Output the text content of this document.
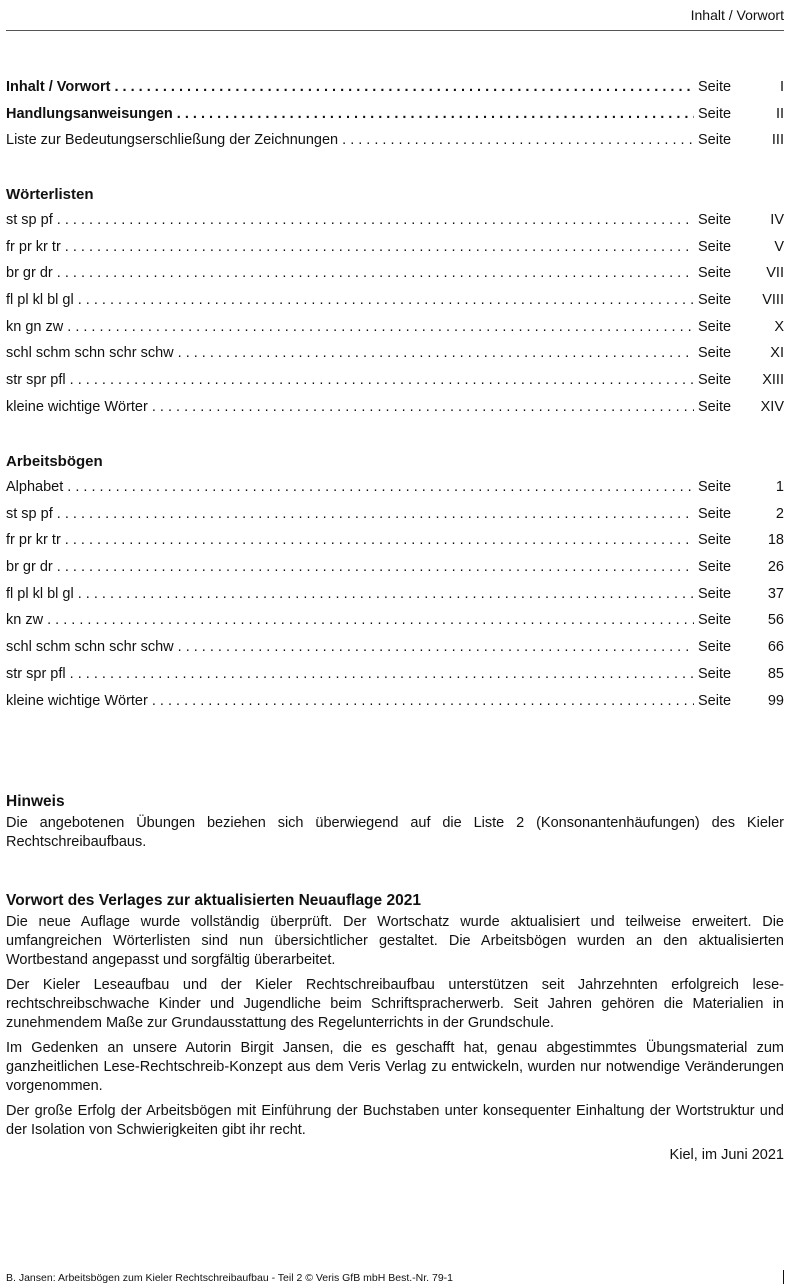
Inhalt / Vorwort
Inhalt / Vorwort . . .	Seite	I
Handlungsanweisungen . . .	Seite	II
Liste zur Bedeutungserschließung der Zeichnungen . . .	Seite	III
Wörterlisten
st sp pf . . .	Seite	IV
fr pr kr tr . . .	Seite	V
br gr dr . . .	Seite VII
fl pl kl bl gl . . .	Seite VIII
kn gn zw . . .	Seite	X
schl schm schn schr schw . . .	Seite	XI
str spr pfl . . .	Seite XIII
kleine wichtige Wörter . . .	Seite XIV
Arbeitsbögen
Alphabet . . .	Seite	1
st sp pf . . .	Seite	2
fr pr kr tr . . .	Seite	18
br gr dr . . .	Seite	26
fl pl kl bl gl . . .	Seite	37
kn zw . . .	Seite	56
schl schm schn schr schw . . .	Seite	66
str spr pfl . . .	Seite	85
kleine wichtige Wörter . . .	Seite	99
Hinweis

Die angebotenen Übungen beziehen sich überwiegend auf die Liste 2 (Konsonantenhäufungen) des Kieler Rechtschreibaufbaus.

Vorwort des Verlages zur aktualisierten Neuauflage 2021

Die neue Auflage wurde vollständig überprüft. Der Wortschatz wurde aktualisiert und teilweise erweitert. Die umfangreichen Wörterlisten sind nun übersichtlicher gestaltet. Die Arbeitsbögen wurden an den aktualisierten Wortbestand angepasst und sorgfältig überarbeitet.

Der Kieler Leseaufbau und der Kieler Rechtschreibaufbau unterstützen seit Jahrzehnten erfolgreich lese-rechtschreibschwache Kinder und Jugendliche beim Schriftspracherwerb. Seit Jahren gehören die Materialien in zunehmendem Maße zur Grundausstattung des Regelunterrichts in der Grundschule.

Im Gedenken an unsere Autorin Birgit Jansen, die es geschafft hat, genau abgestimmtes Übungsmaterial zum ganzheitlichen Lese-Rechtschreib-Konzept aus dem Veris Verlag zu entwickeln, wurden nur notwendige Veränderungen vorgenommen.

Der große Erfolg der Arbeitsbögen mit Einführung der Buchstaben unter konsequenter Einhaltung der Wortstruktur und der Isolation von Schwierigkeiten gibt ihr recht.

Kiel, im Juni 2021
B. Jansen: Arbeitsbögen zum Kieler Rechtschreibaufbau - Teil 2 © Veris GfB mbH Best.-Nr. 79-1
